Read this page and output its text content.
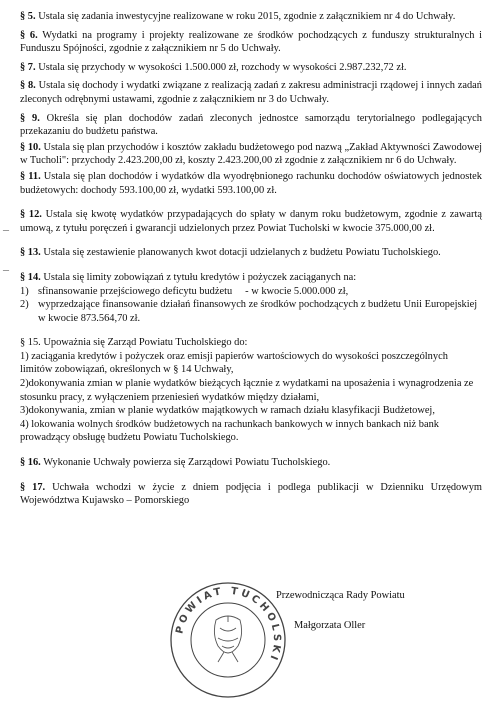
§ 5. Ustala się zadania inwestycyjne realizowane w roku 2015, zgodnie z załącznikiem nr 4 do Uchwały.

§ 6. Wydatki na programy i projekty realizowane ze środków pochodzących z funduszy strukturalnych i Funduszu Spójności, zgodnie z załącznikiem nr 5 do Uchwały.

§ 7. Ustala się przychody w wysokości 1.500.000 zł, rozchody w wysokości 2.987.232,72 zł.

§ 8. Ustala się dochody i wydatki związane z realizacją zadań z zakresu administracji rządowej i innych zadań zleconych odrębnymi ustawami, zgodnie z załącznikiem nr 3 do Uchwały.

§ 9. Określa się plan dochodów zadań zleconych jednostce samorządu terytorialnego podlegających przekazaniu do budżetu państwa.

§ 10. Ustala się plan przychodów i kosztów zakładu budżetowego pod nazwą „Zakład Aktywności Zawodowej w Tucholi": przychody 2.423.200,00 zł, koszty 2.423.200,00 zł zgodnie z załącznikiem nr 6 do Uchwały.

§ 11. Ustala się plan dochodów i wydatków dla wyodrębnionego rachunku dochodów oświatowych jednostek budżetowych: dochody 593.100,00 zł, wydatki 593.100,00 zł.

§ 12. Ustala się kwotę wydatków przypadających do spłaty w danym roku budżetowym, zgodnie z zawartą umową, z tytułu poręczeń i gwarancji udzielonych przez Powiat Tucholski w kwocie 375.000,00 zł.

§ 13. Ustala się zestawienie planowanych kwot dotacji udzielanych z budżetu Powiatu Tucholskiego.

§ 14. Ustala się limity zobowiązań z tytułu kredytów i pożyczek zaciąganych na:

1) sfinansowanie przejściowego deficytu budżetu     - w kwocie 5.000.000 zł,
2) wyprzedzające finansowanie działań finansowych ze środków pochodzących z budżetu Unii Europejskiej w kwocie 873.564,70 zł.

§ 15. Upoważnia się Zarząd Powiatu Tucholskiego do:

1) zaciągania kredytów i pożyczek oraz emisji papierów wartościowych do wysokości poszczególnych limitów zobowiązań, określonych w § 14 Uchwały,

2)dokonywania zmian w planie wydatków bieżących łącznie z wydatkami na uposażenia i wynagrodzenia ze stosunku pracy, z wyłączeniem przeniesień wydatków między działami,

3)dokonywania, zmian w planie wydatków majątkowych w ramach działu klasyfikacji Budżetowej,

4) lokowania wolnych środków budżetowych na rachunkach bankowych w innych bankach niż bank prowadzący obsługę budżetu Powiatu Tucholskiego.

§ 16. Wykonanie Uchwały powierza się Zarządowi Powiatu Tucholskiego.

§ 17. Uchwała wchodzi w życie z dniem podjęcia i podlega publikacji w Dzienniku Urzędowym Województwa Kujawsko – Pomorskiego

–
–
POWIAT TUCHOLSKI
Przewodnicząca Rady Powiatu
Małgorzata Oller
